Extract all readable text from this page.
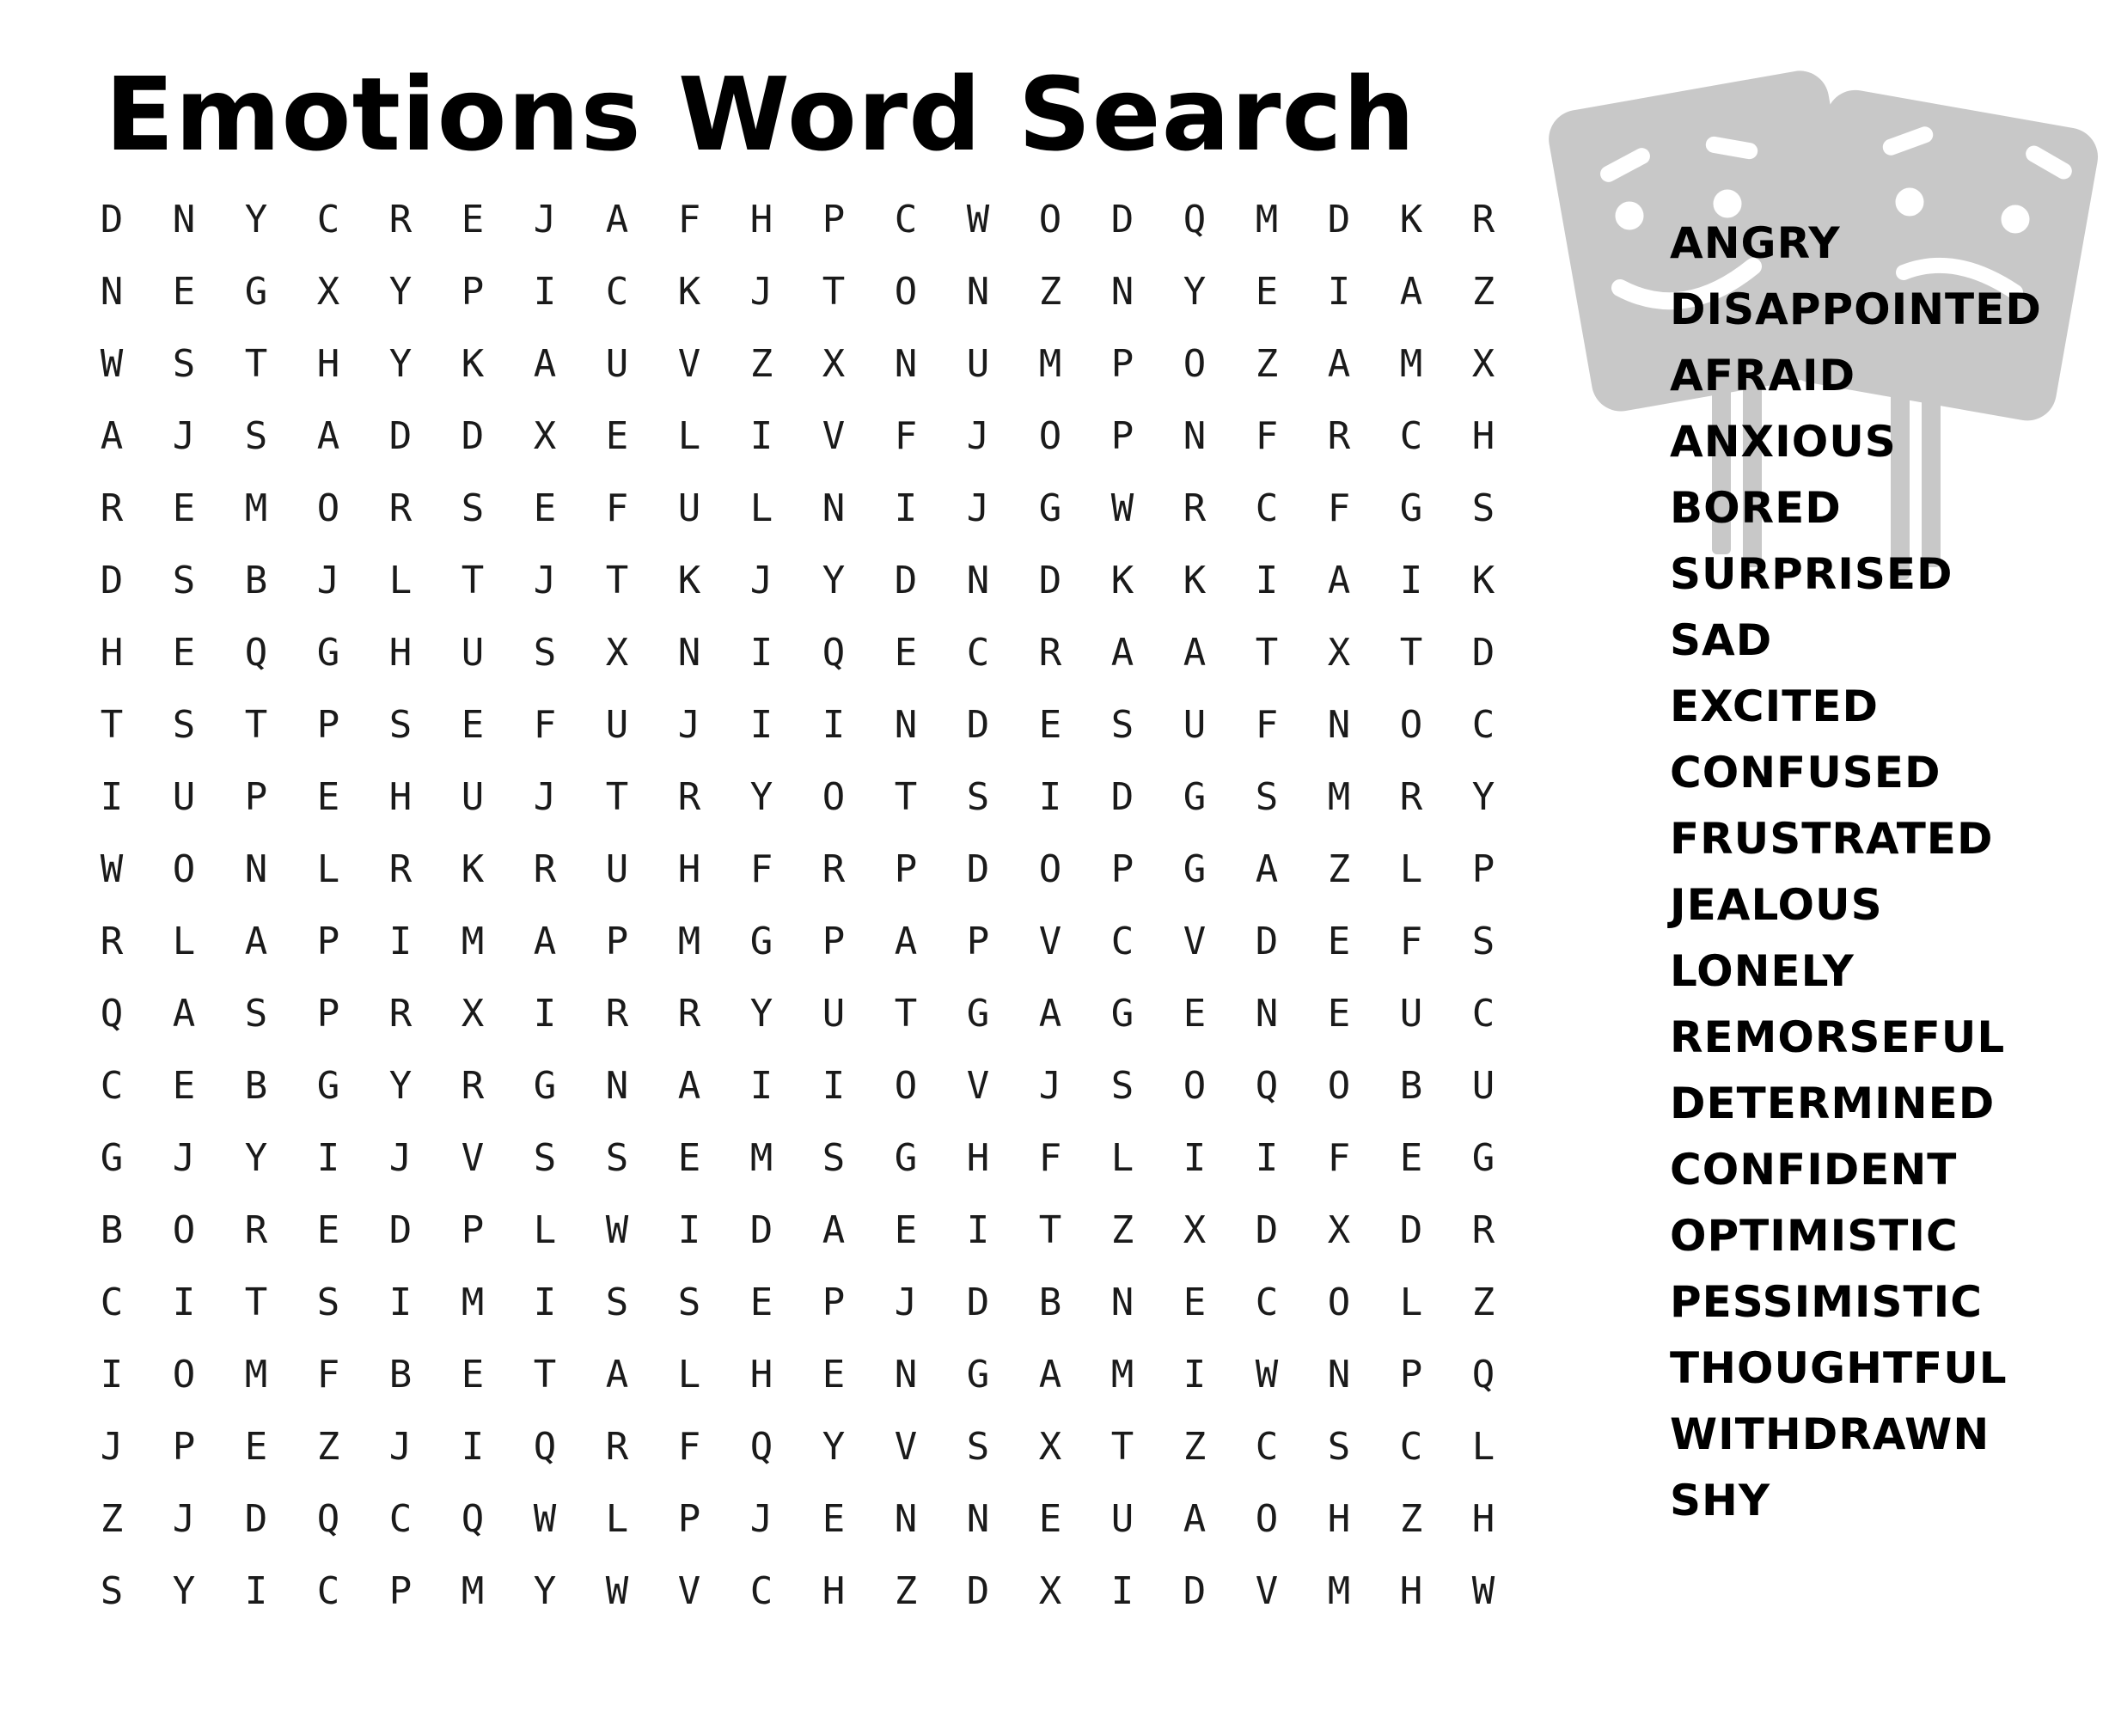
Emotions Word Search
D	N	Y	C	R	E	J	A	F	H	P	C	W	O	D	Q	M	D	K	R
N	E	G	X	Y	P	I	C	K	J	T	O	N	Z	N	Y	E	I	A	Z
W	S	T	H	Y	K	A	U	V	Z	X	N	U	M	P	O	Z	A	M	X
A	J	S	A	D	D	X	E	L	I	V	F	J	O	P	N	F	R	C	H
R	E	M	O	R	S	E	F	U	L	N	I	J	G	W	R	C	F	G	S
D	S	B	J	L	T	J	T	K	J	Y	D	N	D	K	K	I	A	I	K
H	E	Q	G	H	U	S	X	N	I	Q	E	C	R	A	A	T	X	T	D
T	S	T	P	S	E	F	U	J	I	I	N	D	E	S	U	F	N	O	C
I	U	P	E	H	U	J	T	R	Y	O	T	S	I	D	G	S	M	R	Y
W	O	N	L	R	K	R	U	H	F	R	P	D	O	P	G	A	Z	L	P
R	L	A	P	I	M	A	P	M	G	P	A	P	V	C	V	D	E	F	S
Q	A	S	P	R	X	I	R	R	Y	U	T	G	A	G	E	N	E	U	C
C	E	B	G	Y	R	G	N	A	I	I	O	V	J	S	O	Q	O	B	U
G	J	Y	I	J	V	S	S	E	M	S	G	H	F	L	I	I	F	E	G
B	O	R	E	D	P	L	W	I	D	A	E	I	T	Z	X	D	X	D	R
C	I	T	S	I	M	I	S	S	E	P	J	D	B	N	E	C	O	L	Z
I	O	M	F	B	E	T	A	L	H	E	N	G	A	M	I	W	N	P	Q
J	P	E	Z	J	I	Q	R	F	Q	Y	V	S	X	T	Z	C	S	C	L
Z	J	D	Q	C	Q	W	L	P	J	E	N	N	E	U	A	O	H	Z	H
S	Y	I	C	P	M	Y	W	V	C	H	Z	D	X	I	D	V	M	H	W
ANGRY
DISAPPOINTED
AFRAID
ANXIOUS
BORED
SURPRISED
SAD
EXCITED
CONFUSED
FRUSTRATED
JEALOUS
LONELY
REMORSEFUL
DETERMINED
CONFIDENT
OPTIMISTIC
PESSIMISTIC
THOUGHTFUL
WITHDRAWN
SHY
